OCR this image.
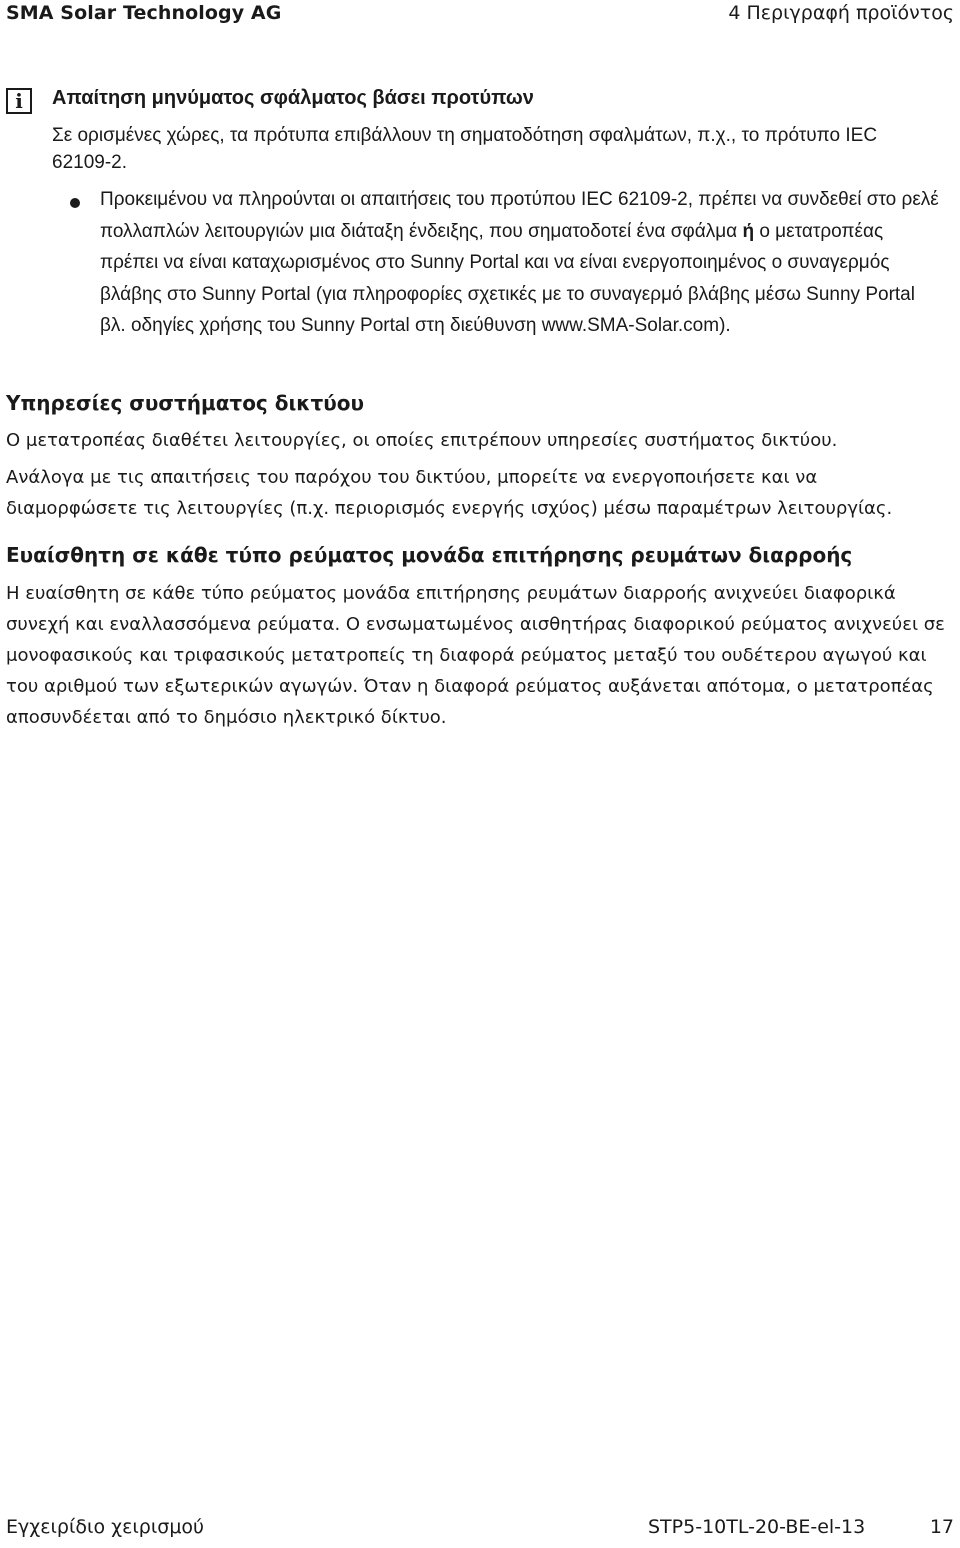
SMA Solar Technology AG	4 Περιγραφή προϊόντος
i	Απαίτηση μηνύματος σφάλματος βάσει προτύπων
Σε ορισμένες χώρες, τα πρότυπα επιβάλλουν τη σηματοδότηση σφαλμάτων, π.χ., το πρότυπο IEC 62109-2.
Προκειμένου να πληρούνται οι απαιτήσεις του προτύπου IEC 62109-2, πρέπει να συνδεθεί στο ρελέ πολλαπλών λειτουργιών μια διάταξη ένδειξης, που σηματοδοτεί ένα σφάλμα ή ο μετατροπέας πρέπει να είναι καταχωρισμένος στο Sunny Portal και να είναι ενεργοποιημένος ο συναγερμός βλάβης στο Sunny Portal (για πληροφορίες σχετικές με το συναγερμό βλάβης μέσω Sunny Portal βλ. οδηγίες χρήσης του Sunny Portal στη διεύθυνση www.SMA-Solar.com).
Υπηρεσίες συστήματος δικτύου
Ο μετατροπέας διαθέτει λειτουργίες, οι οποίες επιτρέπουν υπηρεσίες συστήματος δικτύου.
Ανάλογα με τις απαιτήσεις του παρόχου του δικτύου, μπορείτε να ενεργοποιήσετε και να διαμορφώσετε τις λειτουργίες (π.χ. περιορισμός ενεργής ισχύος) μέσω παραμέτρων λειτουργίας.
Ευαίσθητη σε κάθε τύπο ρεύματος μονάδα επιτήρησης ρευμάτων διαρροής
Η ευαίσθητη σε κάθε τύπο ρεύματος μονάδα επιτήρησης ρευμάτων διαρροής ανιχνεύει διαφορικά συνεχή και εναλλασσόμενα ρεύματα. Ο ενσωματωμένος αισθητήρας διαφορικού ρεύματος ανιχνεύει σε μονοφασικούς και τριφασικούς μετατροπείς τη διαφορά ρεύματος μεταξύ του ουδέτερου αγωγού και του αριθμού των εξωτερικών αγωγών. Όταν η διαφορά ρεύματος αυξάνεται απότομα, ο μετατροπέας αποσυνδέεται από το δημόσιο ηλεκτρικό δίκτυο.
Εγχειρίδιο χειρισμού	STP5-10TL-20-BE-el-13	17
